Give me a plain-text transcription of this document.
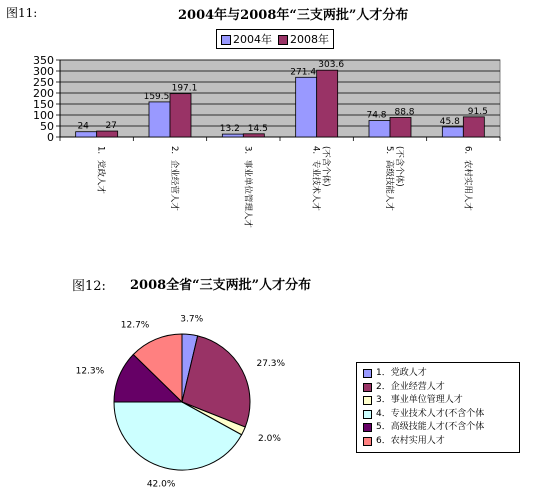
图11:	2004年与2008年“三支两批”人才分布
2004年	2008年
24 27
159.5
197.1
13.2 14.5
271.4
303.6
74.8 88.8
45.8
91.5
0
50
100
150
200
250
300
350
1．党政人才	2．企业经营人才	3．事业单位管理人才	4．专业技术人才 (不含个体)	5．高级技能人才 (不含个体)	6．农村实用人才
图12: 2008全省“三支两批”人才分布
3.7%
27.3%
2.0%
42.0%
12.3%
12.7%
1．党政人才
2．企业经营人才
3．事业单位管理人才
4．专业技术人才(不含个体
5．高级技能人才(不含个体
6．农村实用人才
